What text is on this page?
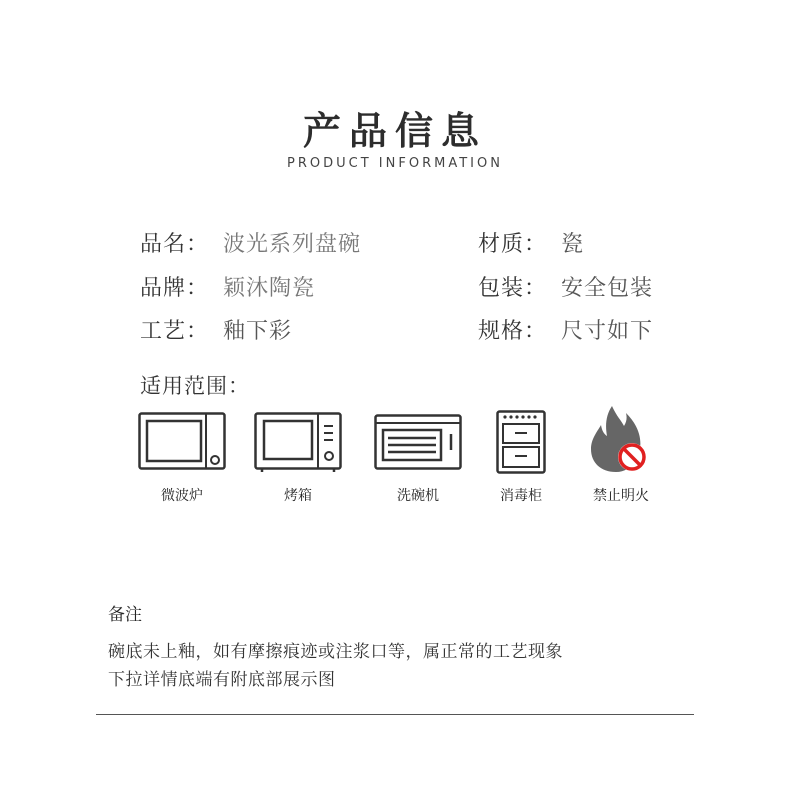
产品信息
PRODUCT INFORMATION
品名： 波光系列盘碗
品牌： 颖沐陶瓷
工艺： 釉下彩
材质： 瓷
包装： 安全包装
规格： 尺寸如下
适用范围：
微波炉	烤箱	洗碗机	消毒柜	禁止明火
备注
碗底未上釉，如有摩擦痕迹或注浆口等，属正常的工艺现象
下拉详情底端有附底部展示图
